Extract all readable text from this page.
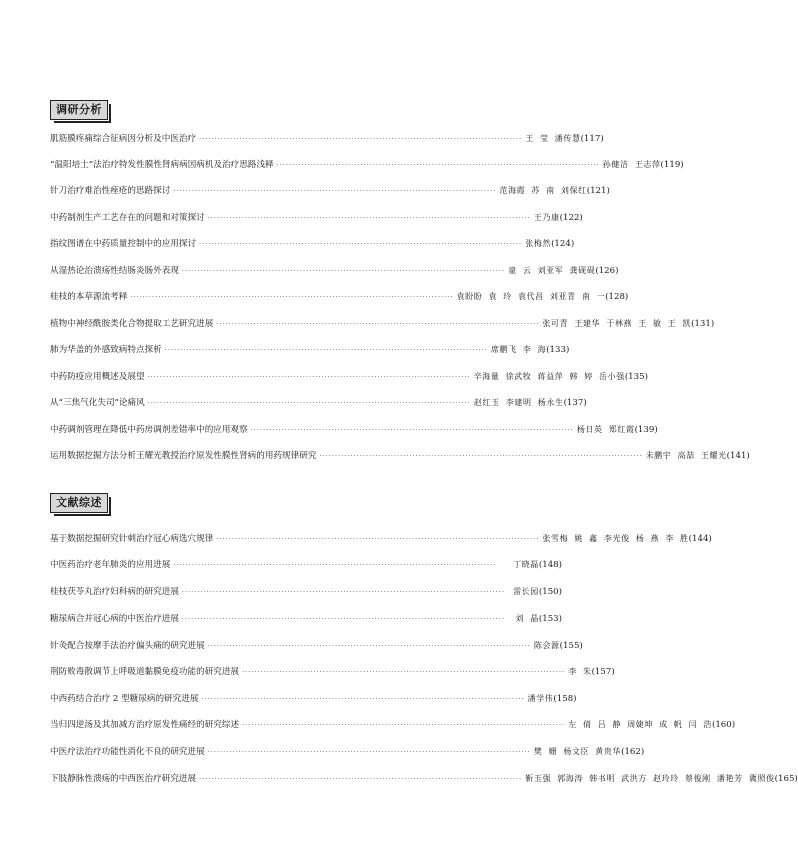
调研分析
肌筋膜疼痛综合征病因分析及中医治疗 ········································································································ 王 莹 潘传慧 (117)
“温阳培土”法治疗特发性膜性肾病病因病机及治疗思路浅释 ········································································································ 孙健洁 王志萍 (119)
针刀治疗难治性痤疮的思路探讨 ········································································································ 范海霞 苏 南 刘保红 (121)
中药制剂生产工艺存在的问题和对策探讨 ········································································································ 王乃康 (122)
指纹图谱在中药质量控制中的应用探讨 ········································································································ 张梅然 (124)
从湿热论治溃疡性结肠炎肠外表现 ········································································································ 童 云 刘亚军 龚砚砚 (126)
桂枝的本草源流考释 ········································································································ 袁盼盼 袁 玲 袁代昌 刘亚青 南 一 (128)
植物中神经酰胺类化合物提取工艺研究进展 ········································································································ 张可青 王建华 于林燕 王 敏 王 凯 (131)
肺为华盖的外感致病特点探析 ········································································································ 席鹏飞 李 海 (133)
中药防疫应用概述及展望 ········································································································ 辛海量 徐武牧 蒋益萍 韩 婷 岳小强 (135)
从“三焦气化失司”论痛风 ········································································································ 赵红玉 李建明 杨永生 (137)
中药调剂管理在降低中药房调剂差错率中的应用观察 ········································································································ 杨日英 郑红霞 (139)
运用数据挖掘方法分析王耀光教授治疗原发性膜性肾病的用药规律研究 ········································································································ 未鹏宇 高喆 王耀光 (141)
文献综述
基于数据挖掘研究针刺治疗冠心病选穴规律 ········································································································ 张雪梅 姚 鑫 李光俊 杨 燕 李 胜 (144)
中医药治疗老年肺炎的应用进展 ········································································································	丁晓磊 (148)
桂枝茯苓丸治疗妇科病的研究进展 ········································································································	雷长园 (150)
糖尿病合并冠心病的中医治疗进展 ········································································································	刘 晶 (153)
针灸配合按摩手法治疗偏头痛的研究进展 ········································································································ 陈会源 (155)
荆防败毒散调节上呼吸道黏膜免疫功能的研究进展 ········································································································ 李 朱 (157)
中西药结合治疗 2 型糖尿病的研究进展 ········································································································ 潘学伟 (158)
当归四逆汤及其加减方治疗原发性痛经的研究综述 ········································································································ 左 倩 吕 静 周婕坤 成 帆 闫 浩 (160)
中医疗法治疗功能性消化不良的研究进展 ········································································································ 樊 姗 杨文臣 黄贵华 (162)
下肢静脉性溃疡的中西医治疗研究进展 ········································································································ 靳玉强 郭海涛 韩书明 武洪方 赵玲玲 蔡俊刚 潘艳芳 冀照俊 (165)
